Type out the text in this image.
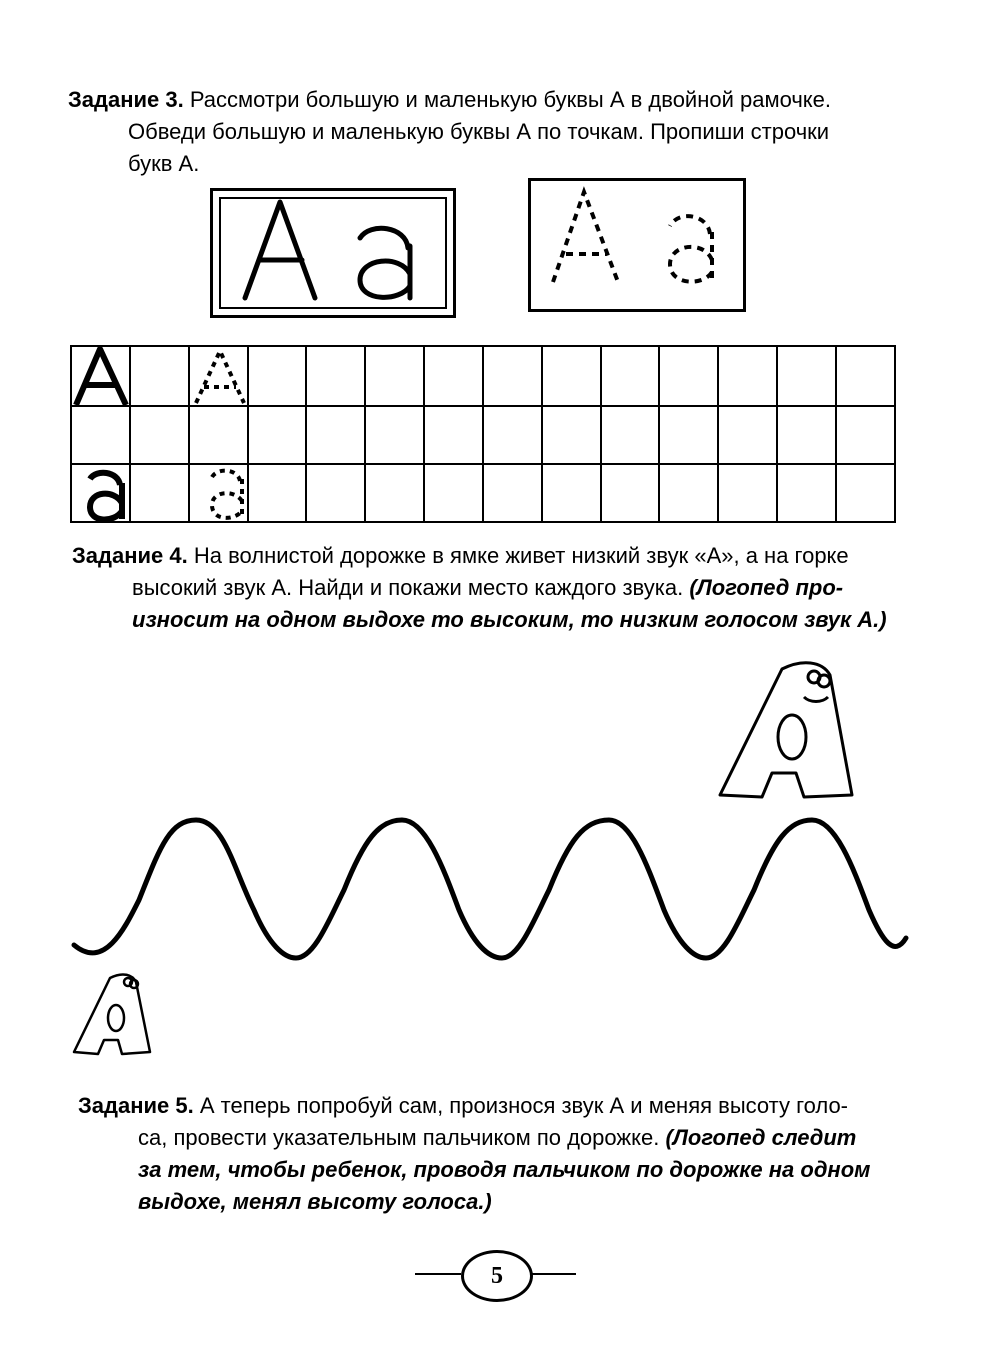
Задание 3. Рассмотри большую и маленькую буквы А в двойной рамочке.
Обведи большую и маленькую буквы А по точкам. Пропиши строчки
букв А.

Задание 4. На волнистой дорожке в ямке живет низкий звук «А», а на горке
высокий звук А. Найди и покажи место каждого звука. (Логопед про-
износит на одном выдохе то высоким, то низким голосом звук А.)
Задание 5. А теперь попробуй сам, произнося звук А и меняя высоту голо-
са, провести указательным пальчиком по дорожке. (Логопед следит
за тем, чтобы ребенок, проводя пальчиком по дорожке на одном
выдохе, менял высоту голоса.)
5
